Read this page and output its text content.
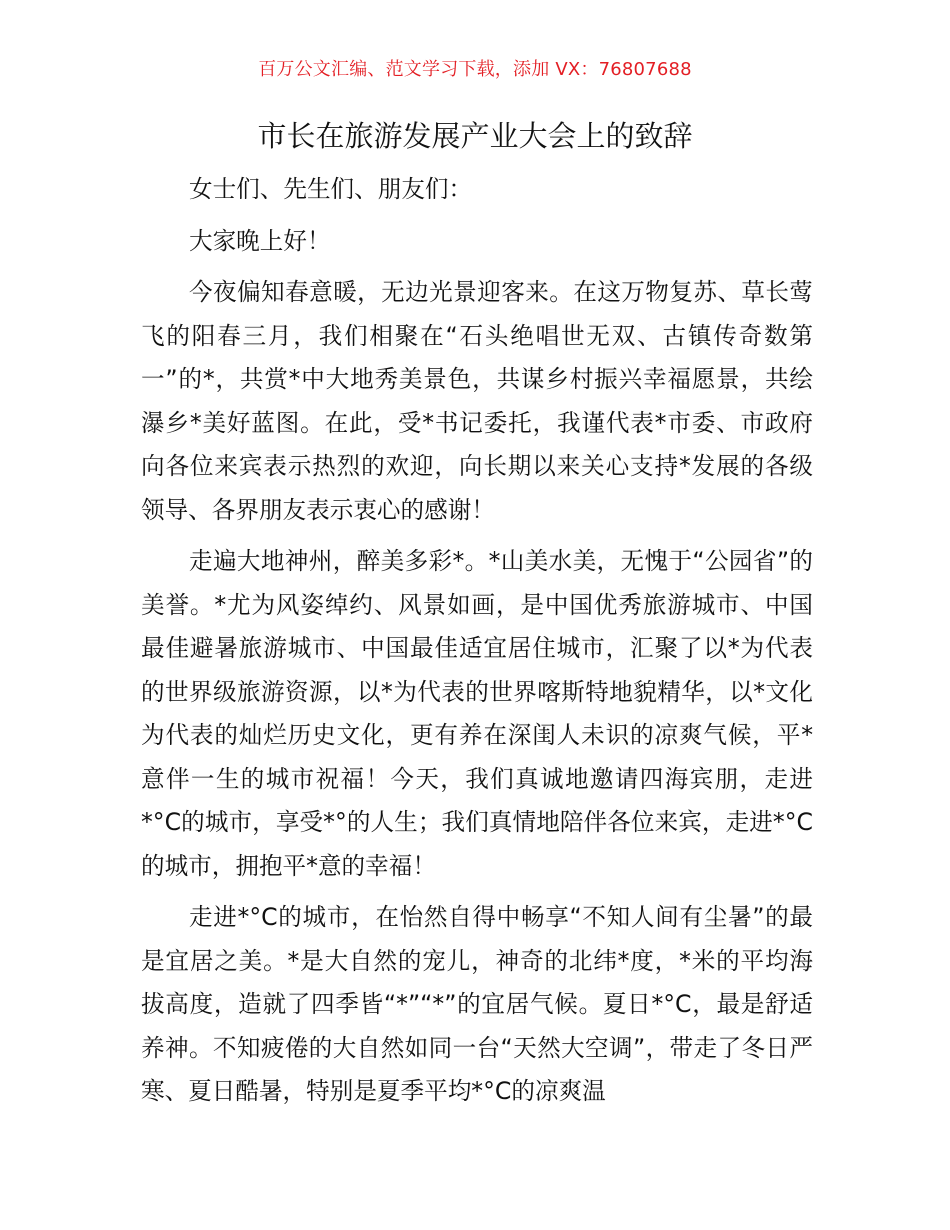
百万公文汇编、范文学习下载，添加 VX：76807688
市长在旅游发展产业大会上的致辞

女士们、先生们、朋友们：

大家晚上好！

今夜偏知春意暖，无边光景迎客来。在这万物复苏、草长莺飞的阳春三月，我们相聚在“石头绝唱世无双、古镇传奇数第一”的*，共赏*中大地秀美景色，共谋乡村振兴幸福愿景，共绘瀑乡*美好蓝图。在此，受*书记委托，我谨代表*市委、市政府向各位来宾表示热烈的欢迎，向长期以来关心支持*发展的各级领导、各界朋友表示衷心的感谢！

走遍大地神州，醉美多彩*。*山美水美，无愧于“公园省”的美誉。*尤为风姿绰约、风景如画，是中国优秀旅游城市、中国最佳避暑旅游城市、中国最佳适宜居住城市，汇聚了以*为代表的世界级旅游资源，以*为代表的世界喀斯特地貌精华，以*文化为代表的灿烂历史文化，更有养在深闺人未识的凉爽气候，平*意伴一生的城市祝福！今天，我们真诚地邀请四海宾朋，走进*°C的城市，享受*°的人生；我们真情地陪伴各位来宾，走进*°C的城市，拥抱平*意的幸福！

走进*°C的城市，在怡然自得中畅享“不知人间有尘暑”的最是宜居之美。*是大自然的宠儿，神奇的北纬*度，*米的平均海拔高度，造就了四季皆“*”“*”的宜居气候。夏日*°C，最是舒适养神。不知疲倦的大自然如同一台“天然大空调”，带走了冬日严寒、夏日酷暑，特别是夏季平均*°C的凉爽温
